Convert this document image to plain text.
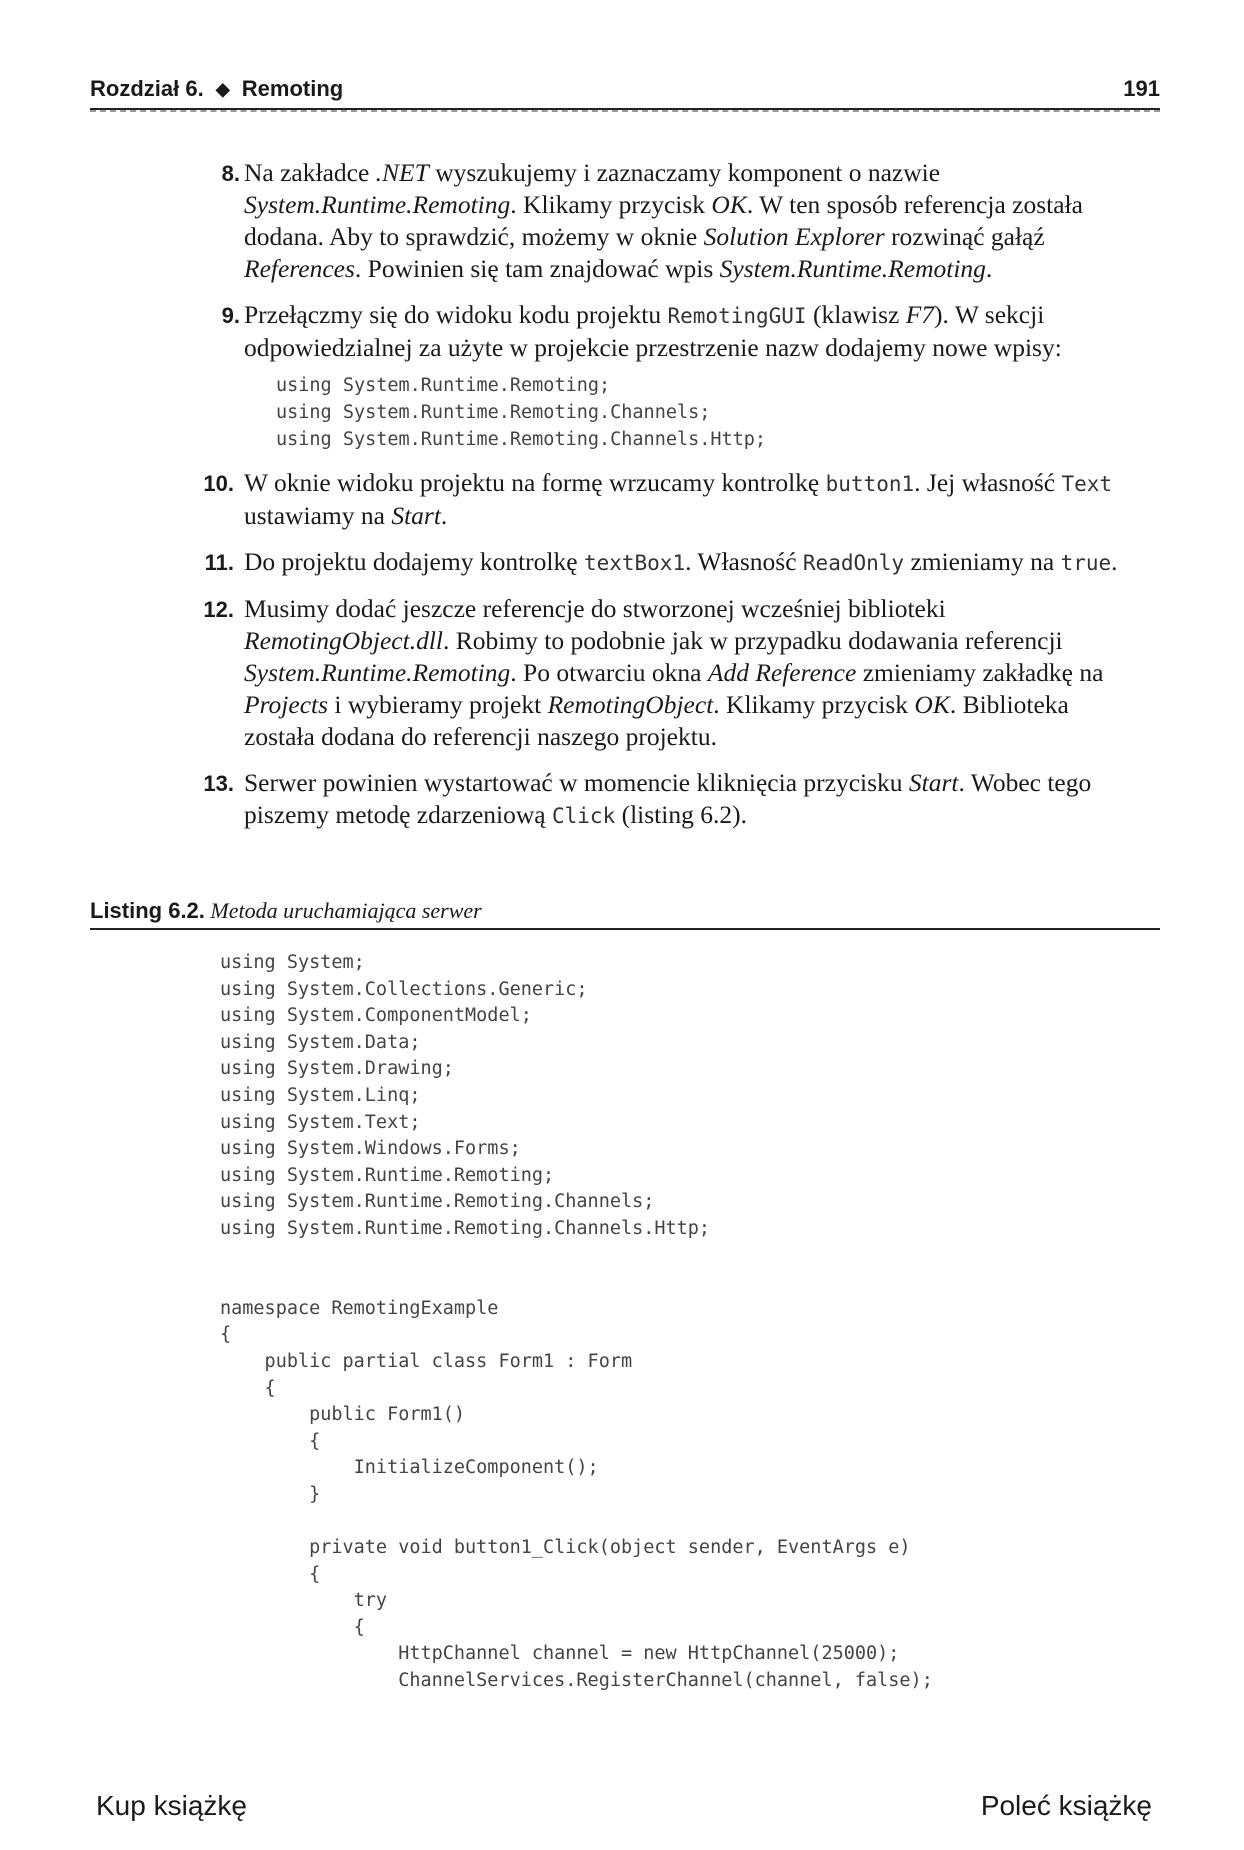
Rozdział 6. ◆ Remoting	191
8. Na zakładce .NET wyszukujemy i zaznaczamy komponent o nazwie System.Runtime.Remoting. Klikamy przycisk OK. W ten sposób referencja została dodana. Aby to sprawdzić, możemy w oknie Solution Explorer rozwinąć gałąź References. Powinien się tam znajdować wpis System.Runtime.Remoting.
9. Przełączmy się do widoku kodu projektu RemotingGUI (klawisz F7). W sekcji odpowiedzialnej za użyte w projekcie przestrzenie nazw dodajemy nowe wpisy:
using System.Runtime.Remoting;
using System.Runtime.Remoting.Channels;
using System.Runtime.Remoting.Channels.Http;
10. W oknie widoku projektu na formę wrzucamy kontrolkę button1. Jej własność Text ustawiamy na Start.
11. Do projektu dodajemy kontrolkę textBox1. Własność ReadOnly zmieniamy na true.
12. Musimy dodać jeszcze referencje do stworzonej wcześniej biblioteki RemotingObject.dll. Robimy to podobnie jak w przypadku dodawania referencji System.Runtime.Remoting. Po otwarciu okna Add Reference zmieniamy zakładkę na Projects i wybieramy projekt RemotingObject. Klikamy przycisk OK. Biblioteka została dodana do referencji naszego projektu.
13. Serwer powinien wystartować w momencie kliknięcia przycisku Start. Wobec tego piszemy metodę zdarzeniową Click (listing 6.2).
Listing 6.2. Metoda uruchamiająca serwer
using System;
using System.Collections.Generic;
using System.ComponentModel;
using System.Data;
using System.Drawing;
using System.Linq;
using System.Text;
using System.Windows.Forms;
using System.Runtime.Remoting;
using System.Runtime.Remoting.Channels;
using System.Runtime.Remoting.Channels.Http;

namespace RemotingExample
{
public partial class Form1 : Form
{
public Form1()
{
InitializeComponent();
}

private void button1_Click(object sender, EventArgs e)
{
try
{
HttpChannel channel = new HttpChannel(25000);
ChannelServices.RegisterChannel(channel, false);
Kup książkę	Poleć książkę
